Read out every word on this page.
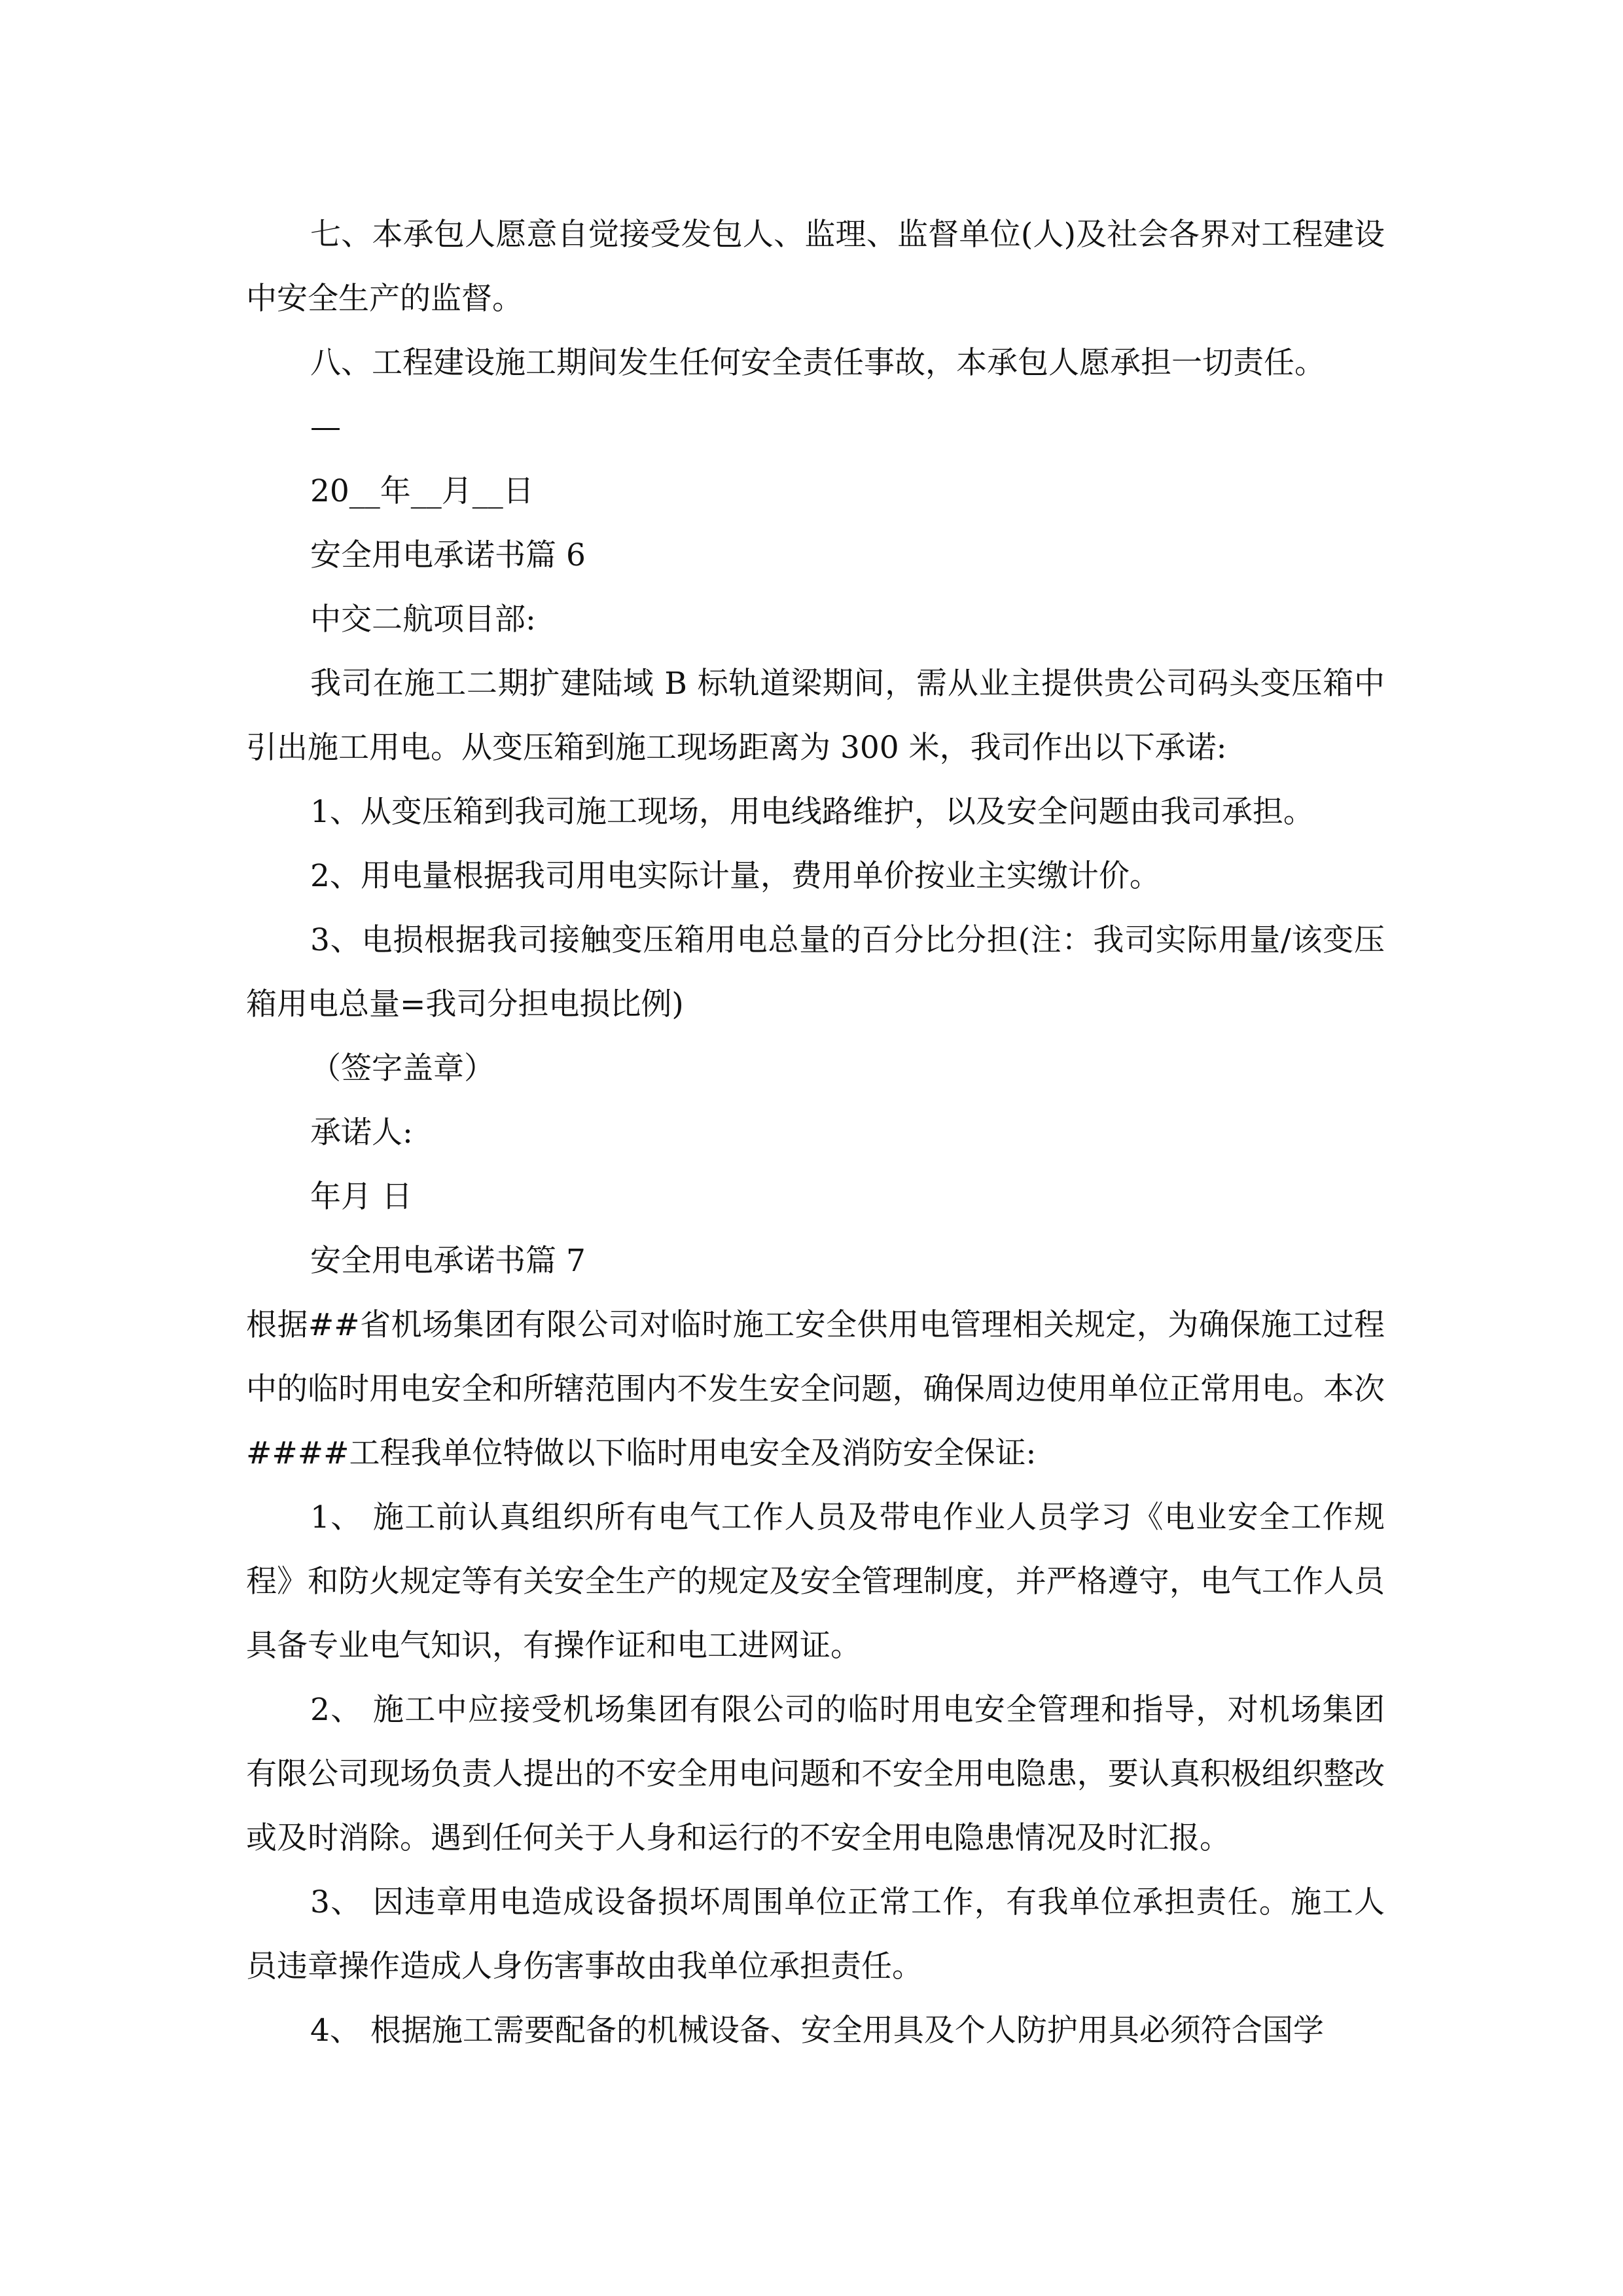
七、本承包人愿意自觉接受发包人、监理、监督单位(人)及社会各界对工程建设中安全生产的监督。

八、工程建设施工期间发生任何安全责任事故，本承包人愿承担一切责任。

—

20__年__月__日

安全用电承诺书篇 6

中交二航项目部:

我司在施工二期扩建陆域 B 标轨道梁期间，需从业主提供贵公司码头变压箱中引出施工用电。从变压箱到施工现场距离为 300 米，我司作出以下承诺:

1、从变压箱到我司施工现场，用电线路维护，以及安全问题由我司承担。

2、用电量根据我司用电实际计量，费用单价按业主实缴计价。

3、电损根据我司接触变压箱用电总量的百分比分担(注：我司实际用量/该变压箱用电总量=我司分担电损比例)

（签字盖章）

承诺人:

年月 日

安全用电承诺书篇 7

根据##省机场集团有限公司对临时施工安全供用电管理相关规定，为确保施工过程中的临时用电安全和所辖范围内不发生安全问题，确保周边使用单位正常用电。本次####工程我单位特做以下临时用电安全及消防安全保证:

1、 施工前认真组织所有电气工作人员及带电作业人员学习《电业安全工作规程》和防火规定等有关安全生产的规定及安全管理制度，并严格遵守，电气工作人员具备专业电气知识，有操作证和电工进网证。

2、 施工中应接受机场集团有限公司的临时用电安全管理和指导，对机场集团有限公司现场负责人提出的不安全用电问题和不安全用电隐患，要认真积极组织整改或及时消除。遇到任何关于人身和运行的不安全用电隐患情况及时汇报。

3、 因违章用电造成设备损坏周围单位正常工作，有我单位承担责任。施工人员违章操作造成人身伤害事故由我单位承担责任。

4、 根据施工需要配备的机械设备、安全用具及个人防护用具必须符合国学
